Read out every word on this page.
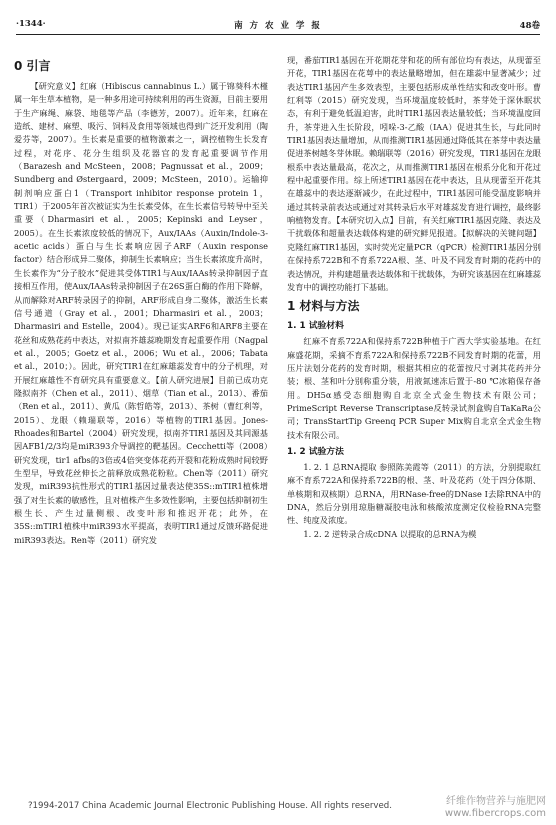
·1344·	南 方 农 业 学 报	48卷
0 引言

【研究意义】红麻（Hibiscus cannabinus L.）属于锦葵科木槿属一年生草本植物，是一种多用途可持续利用的再生资源，目前主要用于生产麻绳、麻袋、地毯等产品（李德芳，2007）。近年来，红麻在造纸、建材、麻塑、吸污、饲料及食用等领域也得到广泛开发利用（陶爱芬等，2007）。生长素是重要的植物激素之一，调控植物生长发育过程，对花序、花分生组织及花器官的发育起重要调节作用（Barazesh and McSteen，2008；Pagnussat et al.，2009；Sundberg and Østergaard，2009；McSteen，2010）。运输抑制剂响应蛋白1（Transport inhibitor response protein 1，TIR1）于2005年首次被证实为生长素受体，在生长素信号转导中至关重要（Dharmasiri et al.，2005；Kepinski and Leyser，2005）。在生长素浓度较低的情况下，Aux/IAAs（Auxin/Indole-3-acetic acids）蛋白与生长素响应因子ARF（Auxin response factor）结合形成异二聚体，抑制生长素响应；当生长素浓度升高时，生长素作为“分子胶水”促进其受体TIR1与Aux/IAAs转录抑制因子直接相互作用，使Aux/IAAs转录抑制因子在26S蛋白酶的作用下降解，从而解除对ARF转录因子的抑制，ARF形成自身二聚体，激活生长素信号通道（Gray et al.，2001；Dharmasiri et al.，2003；Dharmasiri and Estelle，2004）。现已证实ARF6和ARF8主要在花丝和成熟花药中表达，对拟南芥雄蕊晚期发育起重要作用（Nagpal et al.，2005；Goetz et al.，2006；Wu et al.，2006；Tabata et al.，2010；）。因此，研究TIR1在红麻雄蕊发育中的分子机理，对开展红麻雄性不育研究具有重要意义。【前人研究进展】目前已成功克隆拟南芥（Chen et al.，2011）、烟草（Tian et al.，2013）、番茄（Ren et al.，2011）、黄瓜（陈哲皓等，2013）、茶树（曹红利等，2015）、龙眼（赖瑞联等，2016）等植物的TIR1基因。Jones-Rhoades和Bartel（2004）研究发现，拟南芥TIR1基因及其同源基因AFB1/2/3均是miR393介导调控的靶基因。Cecchetti等（2008）研究发现，tir1 afbs的3倍或4倍突变体花药开裂和花粉成熟时间较野生型早，导致花丝伸长之前释放成熟花粉粒。Chen等（2011）研究发现，miR393抗性形式的TIR1基因过量表达使35S::mTIR1植株增强了对生长素的敏感性，且对植株产生多效性影响，主要包括抑制初生根生长、产生过量侧根、改变叶形和推迟开花；此外，在35S::mTIR1植株中miR393水平提高，表明TIR1通过反馈环路促进miR393表达。Ren等（2011）研究发

现，番茄TIR1基因在开花期花芽和花的所有部位均有表达，从现蕾至开花，TIR1基因在花萼中的表达量略增加，但在雄蕊中显著减少；过表达TIR1基因产生多效表型，主要包括形成单性结实和改变叶形。曹红利等（2015）研究发现，当环境温度较低时，茶芽处于深休眠状态，有利于避免低温迫害，此时TIR1基因表达量较低；当环境温度回升，茶芽进入生长阶段，吲哚-3-乙酸（IAA）促进其生长，与此同时TIR1基因表达量增加，从而推测TIR1基因通过降低其在茶芽中表达量促进茶树越冬芽休眠。赖瑞联等（2016）研究发现，TIR1基因在龙眼根系中表达量最高，花次之，从而推测TIR1基因在根系分化和开花过程中起重要作用。综上所述TIR1基因在花中表达，且从现蕾至开花其在雄蕊中的表达逐渐减少，在此过程中，TIR1基因可能受温度影响并通过其转录前表达或通过对其转录后水平对雄蕊发育进行调控，最终影响植物发育。【本研究切入点】目前，有关红麻TIR1基因克隆、表达及干扰载体和超量表达载体构建的研究鲜见报道。【拟解决的关键问题】克隆红麻TIR1基因，实时荧光定量PCR（qPCR）检测TIR1基因分别在保持系722B和不育系722A根、茎、叶及不同发育时期的花药中的表达情况，并构建超量表达载体和干扰载体，为研究该基因在红麻雄蕊发育中的调控功能打下基础。

1 材料与方法
1. 1 试验材料

红麻不育系722A和保持系722B种植于广西大学实验基地。在红麻盛花期，采摘不育系722A和保持系722B不同发育时期的花蕾，用压片法划分花药的发育时期，根据其相应的花蕾按尺寸剥其花药并分装；根、茎和叶分别称重分装，用液氮速冻后置于-80 ℃冰箱保存备用。DH5α感受态细胞购自北京全式金生物技术有限公司；PrimeScript Reverse Transcriptase反转录试剂盒购自TaKaRa公司；TransStartTip Greenq PCR Super Mix购自北京全式金生物技术有限公司。

1. 2 试验方法

1. 2. 1 总RNA提取 参照陈美霞等（2011）的方法，分别提取红麻不育系722A和保持系722B的根、茎、叶及花药（处于四分体期、单核期和双核期）总RNA，用RNase-free的DNase I去除RNA中的DNA，然后分别用琼脂糖凝胶电泳和核酸浓度测定仪检验RNA完整性、纯度及浓度。

1. 2. 2 逆转录合成cDNA 以提取的总RNA为模

?1994-2017 China Academic Journal Electronic Publishing House. All rights reserved.	纤维作物营养与施肥网
www.fibercrops.com
